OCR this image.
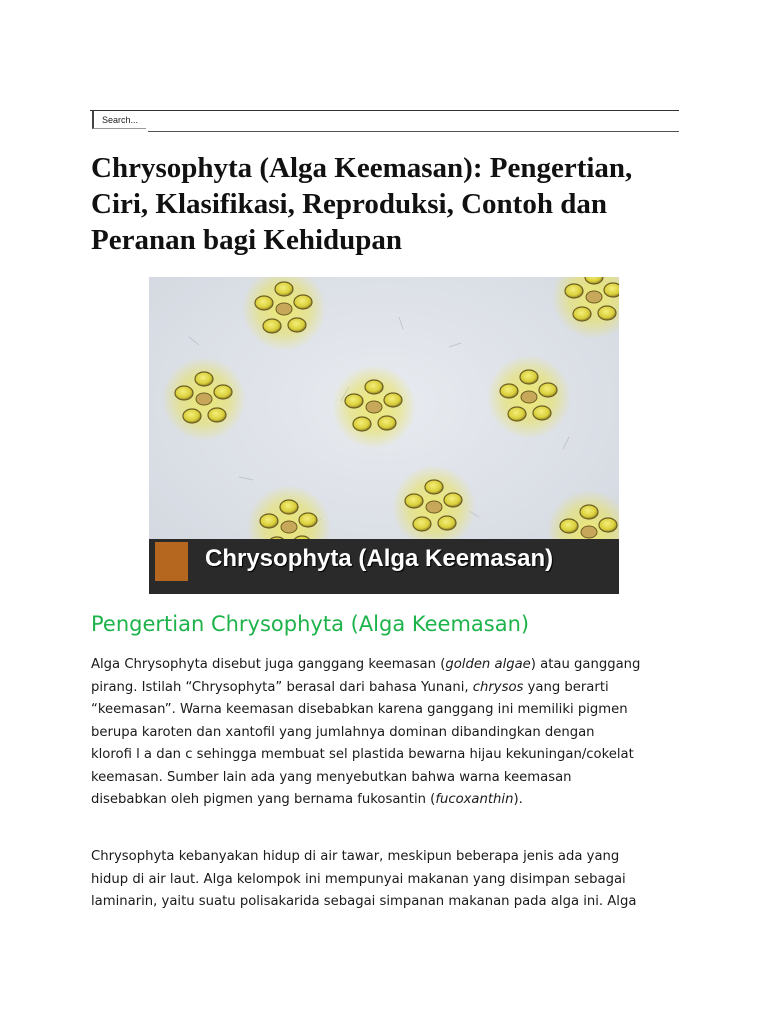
Search...
Chrysophyta (Alga Keemasan): Pengertian, Ciri, Klasifikasi, Reproduksi, Contoh dan Peranan bagi Kehidupan
Chrysophyta (Alga Keemasan)
Pengertian Chrysophyta (Alga Keemasan)

Alga Chrysophyta disebut juga ganggang keemasan (golden algae) atau ganggang
pirang. Istilah “Chrysophyta” berasal dari bahasa Yunani, chrysos yang berarti
“keemasan”. Warna keemasan disebabkan karena ganggang ini memiliki pigmen
berupa karoten dan xantofil yang jumlahnya dominan dibandingkan dengan
klorofi l a dan c sehingga membuat sel plastida bewarna hijau kekuningan/cokelat
keemasan. Sumber lain ada yang menyebutkan bahwa warna keemasan
disebabkan oleh pigmen yang bernama fukosantin (fucoxanthin).

Chrysophyta kebanyakan hidup di air tawar, meskipun beberapa jenis ada yang
hidup di air laut. Alga kelompok ini mempunyai makanan yang disimpan sebagai
laminarin, yaitu suatu polisakarida sebagai simpanan makanan pada alga ini. Alga
